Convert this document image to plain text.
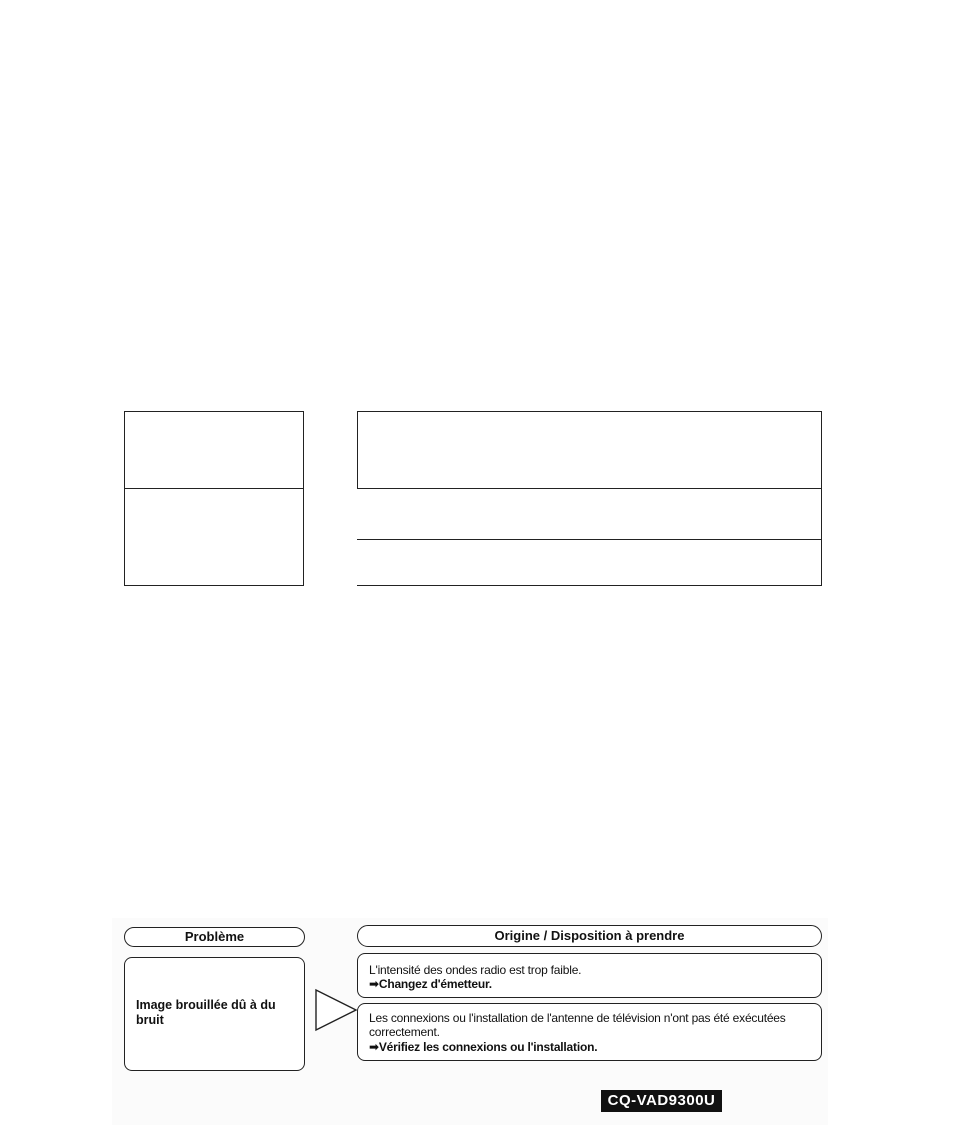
Problème	Origine / Disposition à prendre
Image brouillée dû à du bruit
L'intensité des ondes radio est trop faible.
➡Changez d'émetteur.
Les connexions ou l'installation de l'antenne de télévision n'ont pas été exécutées correctement.
➡Vérifiez les connexions ou l'installation.
CQ-VAD9300U
